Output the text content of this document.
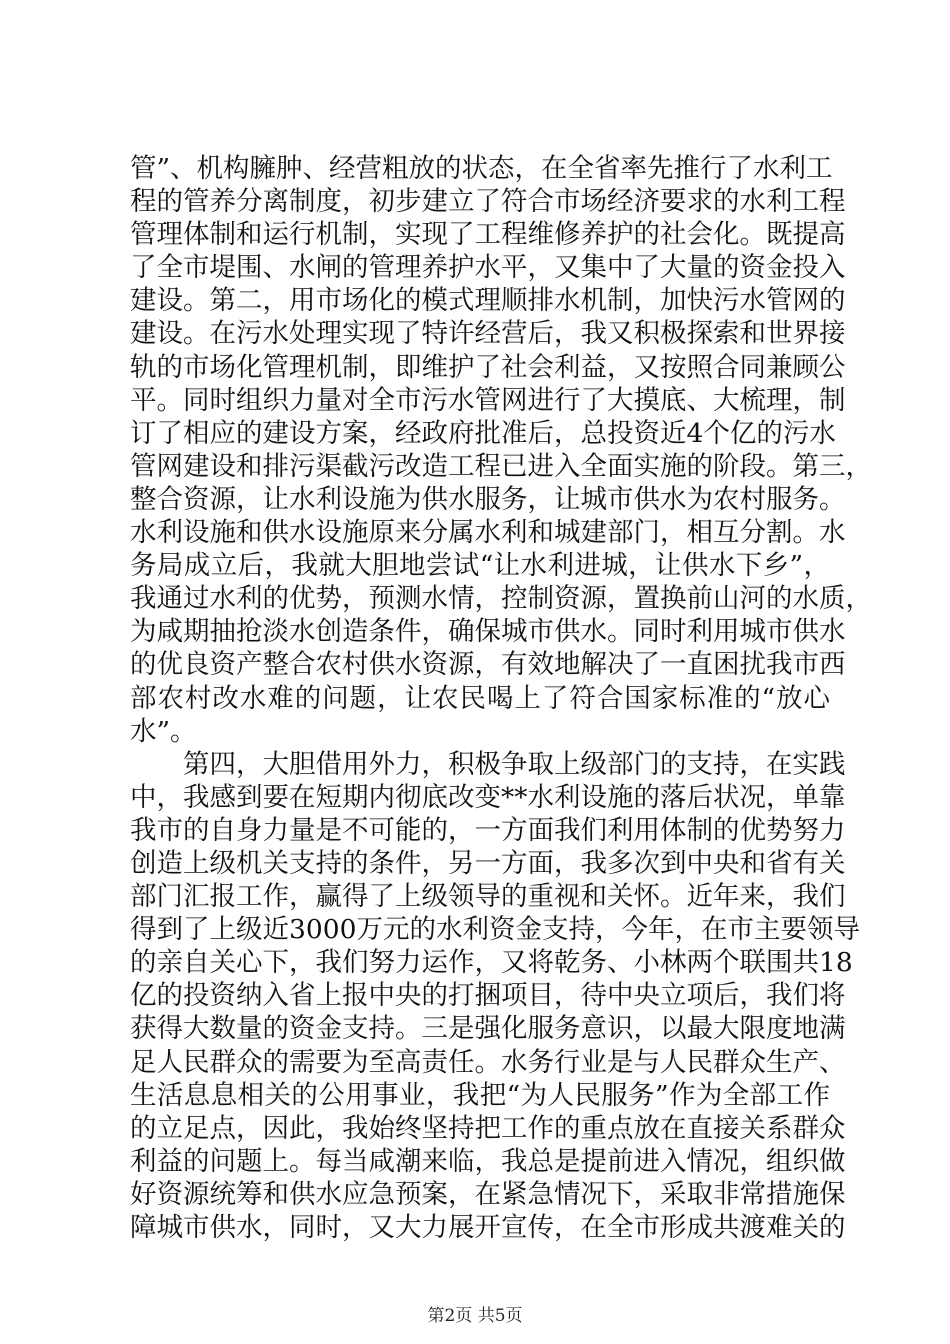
管”、机构臃肿、经营粗放的状态，在全省率先推行了水利工
程的管养分离制度，初步建立了符合市场经济要求的水利工程
管理体制和运行机制，实现了工程维修养护的社会化。既提高
了全市堤围、水闸的管理养护水平，又集中了大量的资金投入
建设。第二，用市场化的模式理顺排水机制，加快污水管网的
建设。在污水处理实现了特许经营后，我又积极探索和世界接
轨的市场化管理机制，即维护了社会利益，又按照合同兼顾公
平。同时组织力量对全市污水管网进行了大摸底、大梳理，制
订了相应的建设方案，经政府批准后，总投资近4个亿的污水
管网建设和排污渠截污改造工程已进入全面实施的阶段。第三，
整合资源，让水利设施为供水服务，让城市供水为农村服务。
水利设施和供水设施原来分属水利和城建部门，相互分割。水
务局成立后，我就大胆地尝试“让水利进城，让供水下乡”，
我通过水利的优势，预测水情，控制资源，置换前山河的水质，
为咸期抽抢淡水创造条件，确保城市供水。同时利用城市供水
的优良资产整合农村供水资源，有效地解决了一直困扰我市西
部农村改水难的问题，让农民喝上了符合国家标准的“放心
水”。
第四，大胆借用外力，积极争取上级部门的支持，在实践
中，我感到要在短期内彻底改变**水利设施的落后状况，单靠
我市的自身力量是不可能的，一方面我们利用体制的优势努力
创造上级机关支持的条件，另一方面，我多次到中央和省有关
部门汇报工作，赢得了上级领导的重视和关怀。近年来，我们
得到了上级近3000万元的水利资金支持，今年，在市主要领导
的亲自关心下，我们努力运作，又将乾务、小林两个联围共18
亿的投资纳入省上报中央的打捆项目，待中央立项后，我们将
获得大数量的资金支持。三是强化服务意识，以最大限度地满
足人民群众的需要为至高责任。水务行业是与人民群众生产、
生活息息相关的公用事业，我把“为人民服务”作为全部工作
的立足点，因此，我始终坚持把工作的重点放在直接关系群众
利益的问题上。每当咸潮来临，我总是提前进入情况，组织做
好资源统筹和供水应急预案，在紧急情况下，采取非常措施保
障城市供水，同时，又大力展开宣传，在全市形成共渡难关的
第2页 共5页
